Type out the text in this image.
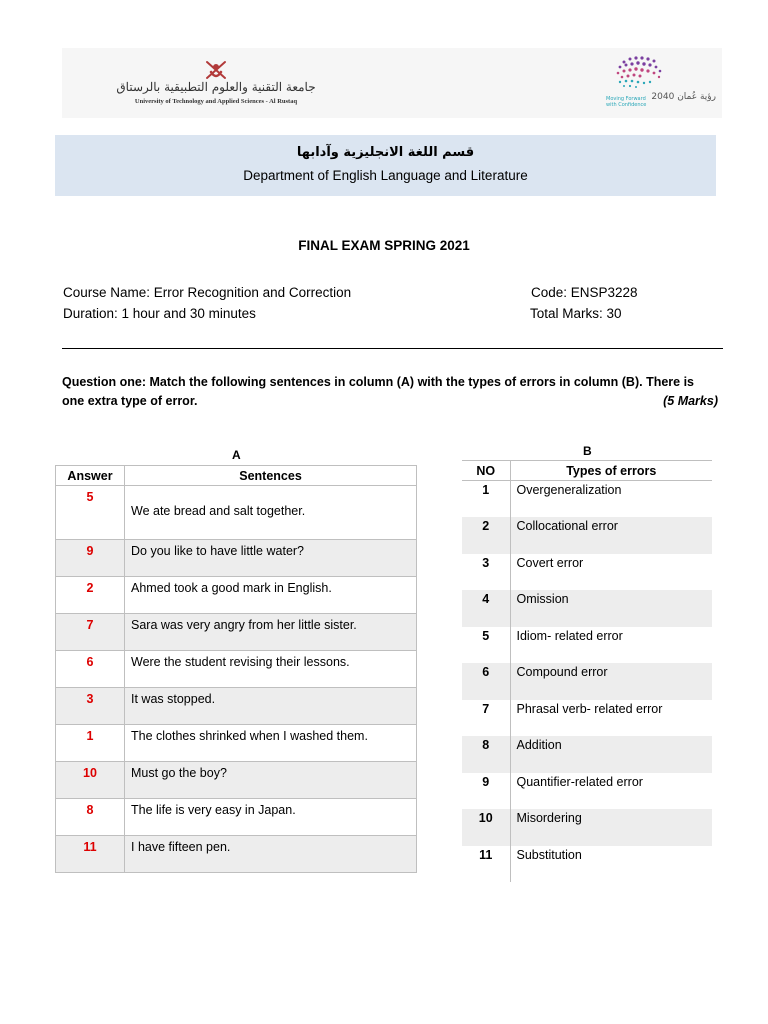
جامعة التقنية والعلوم التطبيقية بالرستاق
University of Technology and Applied Sciences - Al Rustaq	Moving Forward
with Confidence
رؤية عُمان 2040
قسم اللغة الانجليزية وآدابها
Department of English Language and Literature
FINAL EXAM SPRING 2021
Course Name: Error Recognition and Correction
Duration: 1 hour and 30 minutes
Code: ENSP3228
Total Marks: 30
Question one: Match the following sentences in column (A) with the types of errors in column (B). There is one extra type of error.	(5 Marks)
A
Answer	Sentences
5	We ate bread and salt together.
9	Do you like to have little water?
2	Ahmed took a good mark in English.
7	Sara was very angry from her little sister.
6	Were the student revising their lessons.
3	It was stopped.
1	The clothes shrinked when I washed them.
10	Must go the boy?
8	The life is very easy in Japan.
11	I have fifteen pen.
B
NO	Types of errors
1	Overgeneralization
2	Collocational error
3	Covert error
4	Omission
5	Idiom- related error
6	Compound error
7	Phrasal verb- related error
8	Addition
9	Quantifier-related error
10	Misordering
11	Substitution
